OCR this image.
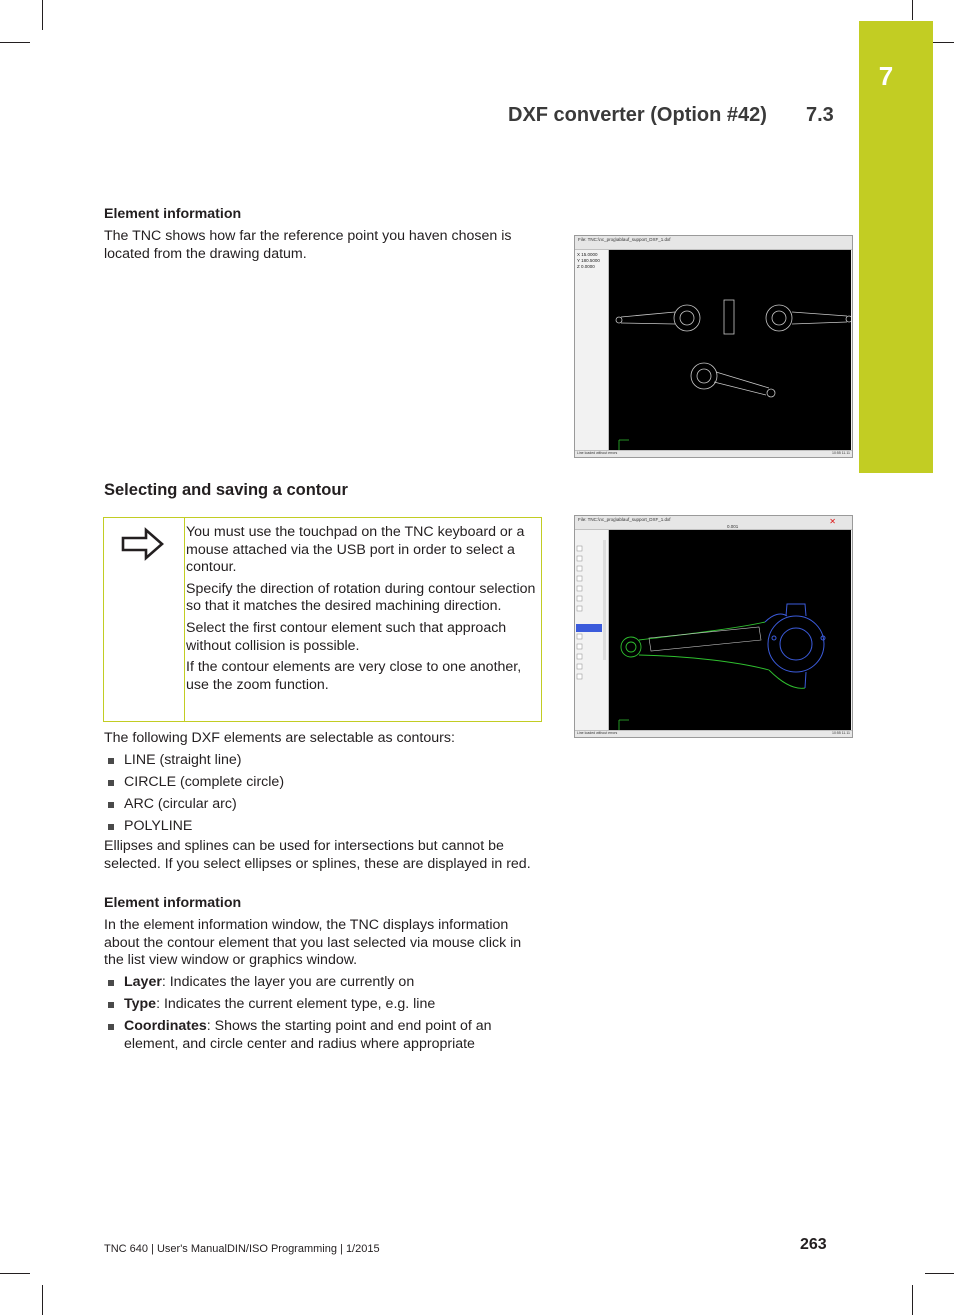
7
DXF converter (Option #42) 7.3
Element information
The TNC shows how far the reference point you haven chosen is located from the drawing datum.
File: TNC:\nc_prog\ablauf_support_DXF_1.dxf
X 15.0000
Y 180.5000
Z 0.0000
Line loaded without errors	10:55 11.11
Selecting and saving a contour

You must use the touchpad on the TNC keyboard or a mouse attached via the USB port in order to select a contour.

Specify the direction of rotation during contour selection so that it matches the desired machining direction.

Select the first contour element such that approach without collision is possible.

If the contour elements are very close to one another, use the zoom function.

File: TNC:\nc_prog\ablauf_support_DXF_1.dxf
0.001
✕
Line loaded without errors	10:55 11.11
The following DXF elements are selectable as contours:
LINE (straight line)
CIRCLE (complete circle)
ARC (circular arc)
POLYLINE
Ellipses and splines can be used for intersections but cannot be selected. If you select ellipses or splines, these are displayed in red.
Element information
In the element information window, the TNC displays information about the contour element that you last selected via mouse click in the list view window or graphics window.
Layer: Indicates the layer you are currently on
Type: Indicates the current element type, e.g. line
Coordinates: Shows the starting point and end point of an element, and circle center and radius where appropriate
TNC 640 | User's ManualDIN/ISO Programming | 1/2015	263
